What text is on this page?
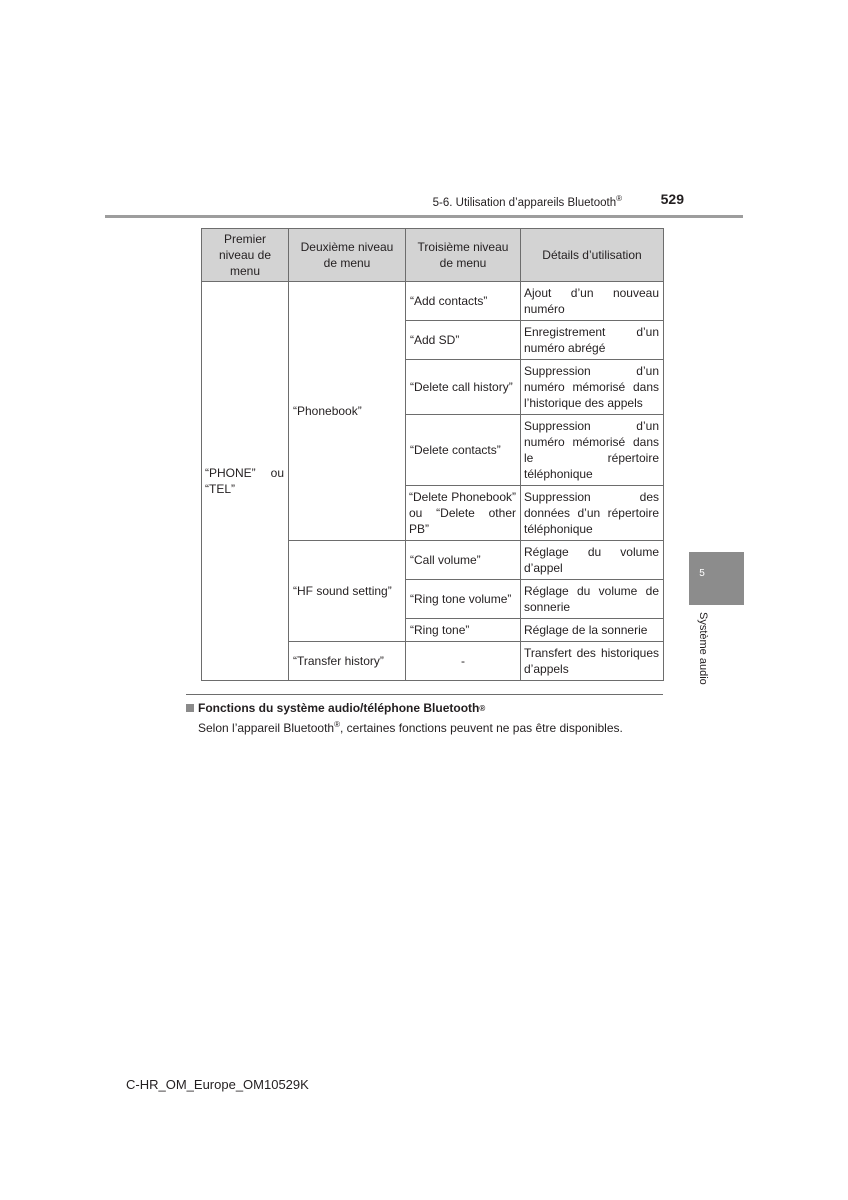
5-6. Utilisation d’appareils Bluetooth®	529
Premier niveau de menu	Deuxième niveau de menu	Troisième niveau de menu	Détails d’utilisation
“PHONE” ou “TEL”	“Phonebook”	“Add contacts”	Ajout d’un nouveau numéro
		“Add SD”	Enregistrement d’un numéro abrégé
		“Delete call history”	Suppression d’un numéro mémorisé dans l’historique des appels
		“Delete contacts”	Suppression d’un numéro mémorisé dans le répertoire téléphonique
		“Delete Phonebook” ou “Delete other PB”	Suppression des données d’un répertoire téléphonique
	“HF sound setting”	“Call volume”	Réglage du volume d’appel
		“Ring tone volume”	Réglage du volume de sonnerie
		“Ring tone”	Réglage de la sonnerie
	“Transfer history”	-	Transfert des historiques d’appels
Fonctions du système audio/téléphone Bluetooth ®
Selon l’appareil Bluetooth®, certaines fonctions peuvent ne pas être disponibles.
5
Système audio
C-HR_OM_Europe_OM10529K
